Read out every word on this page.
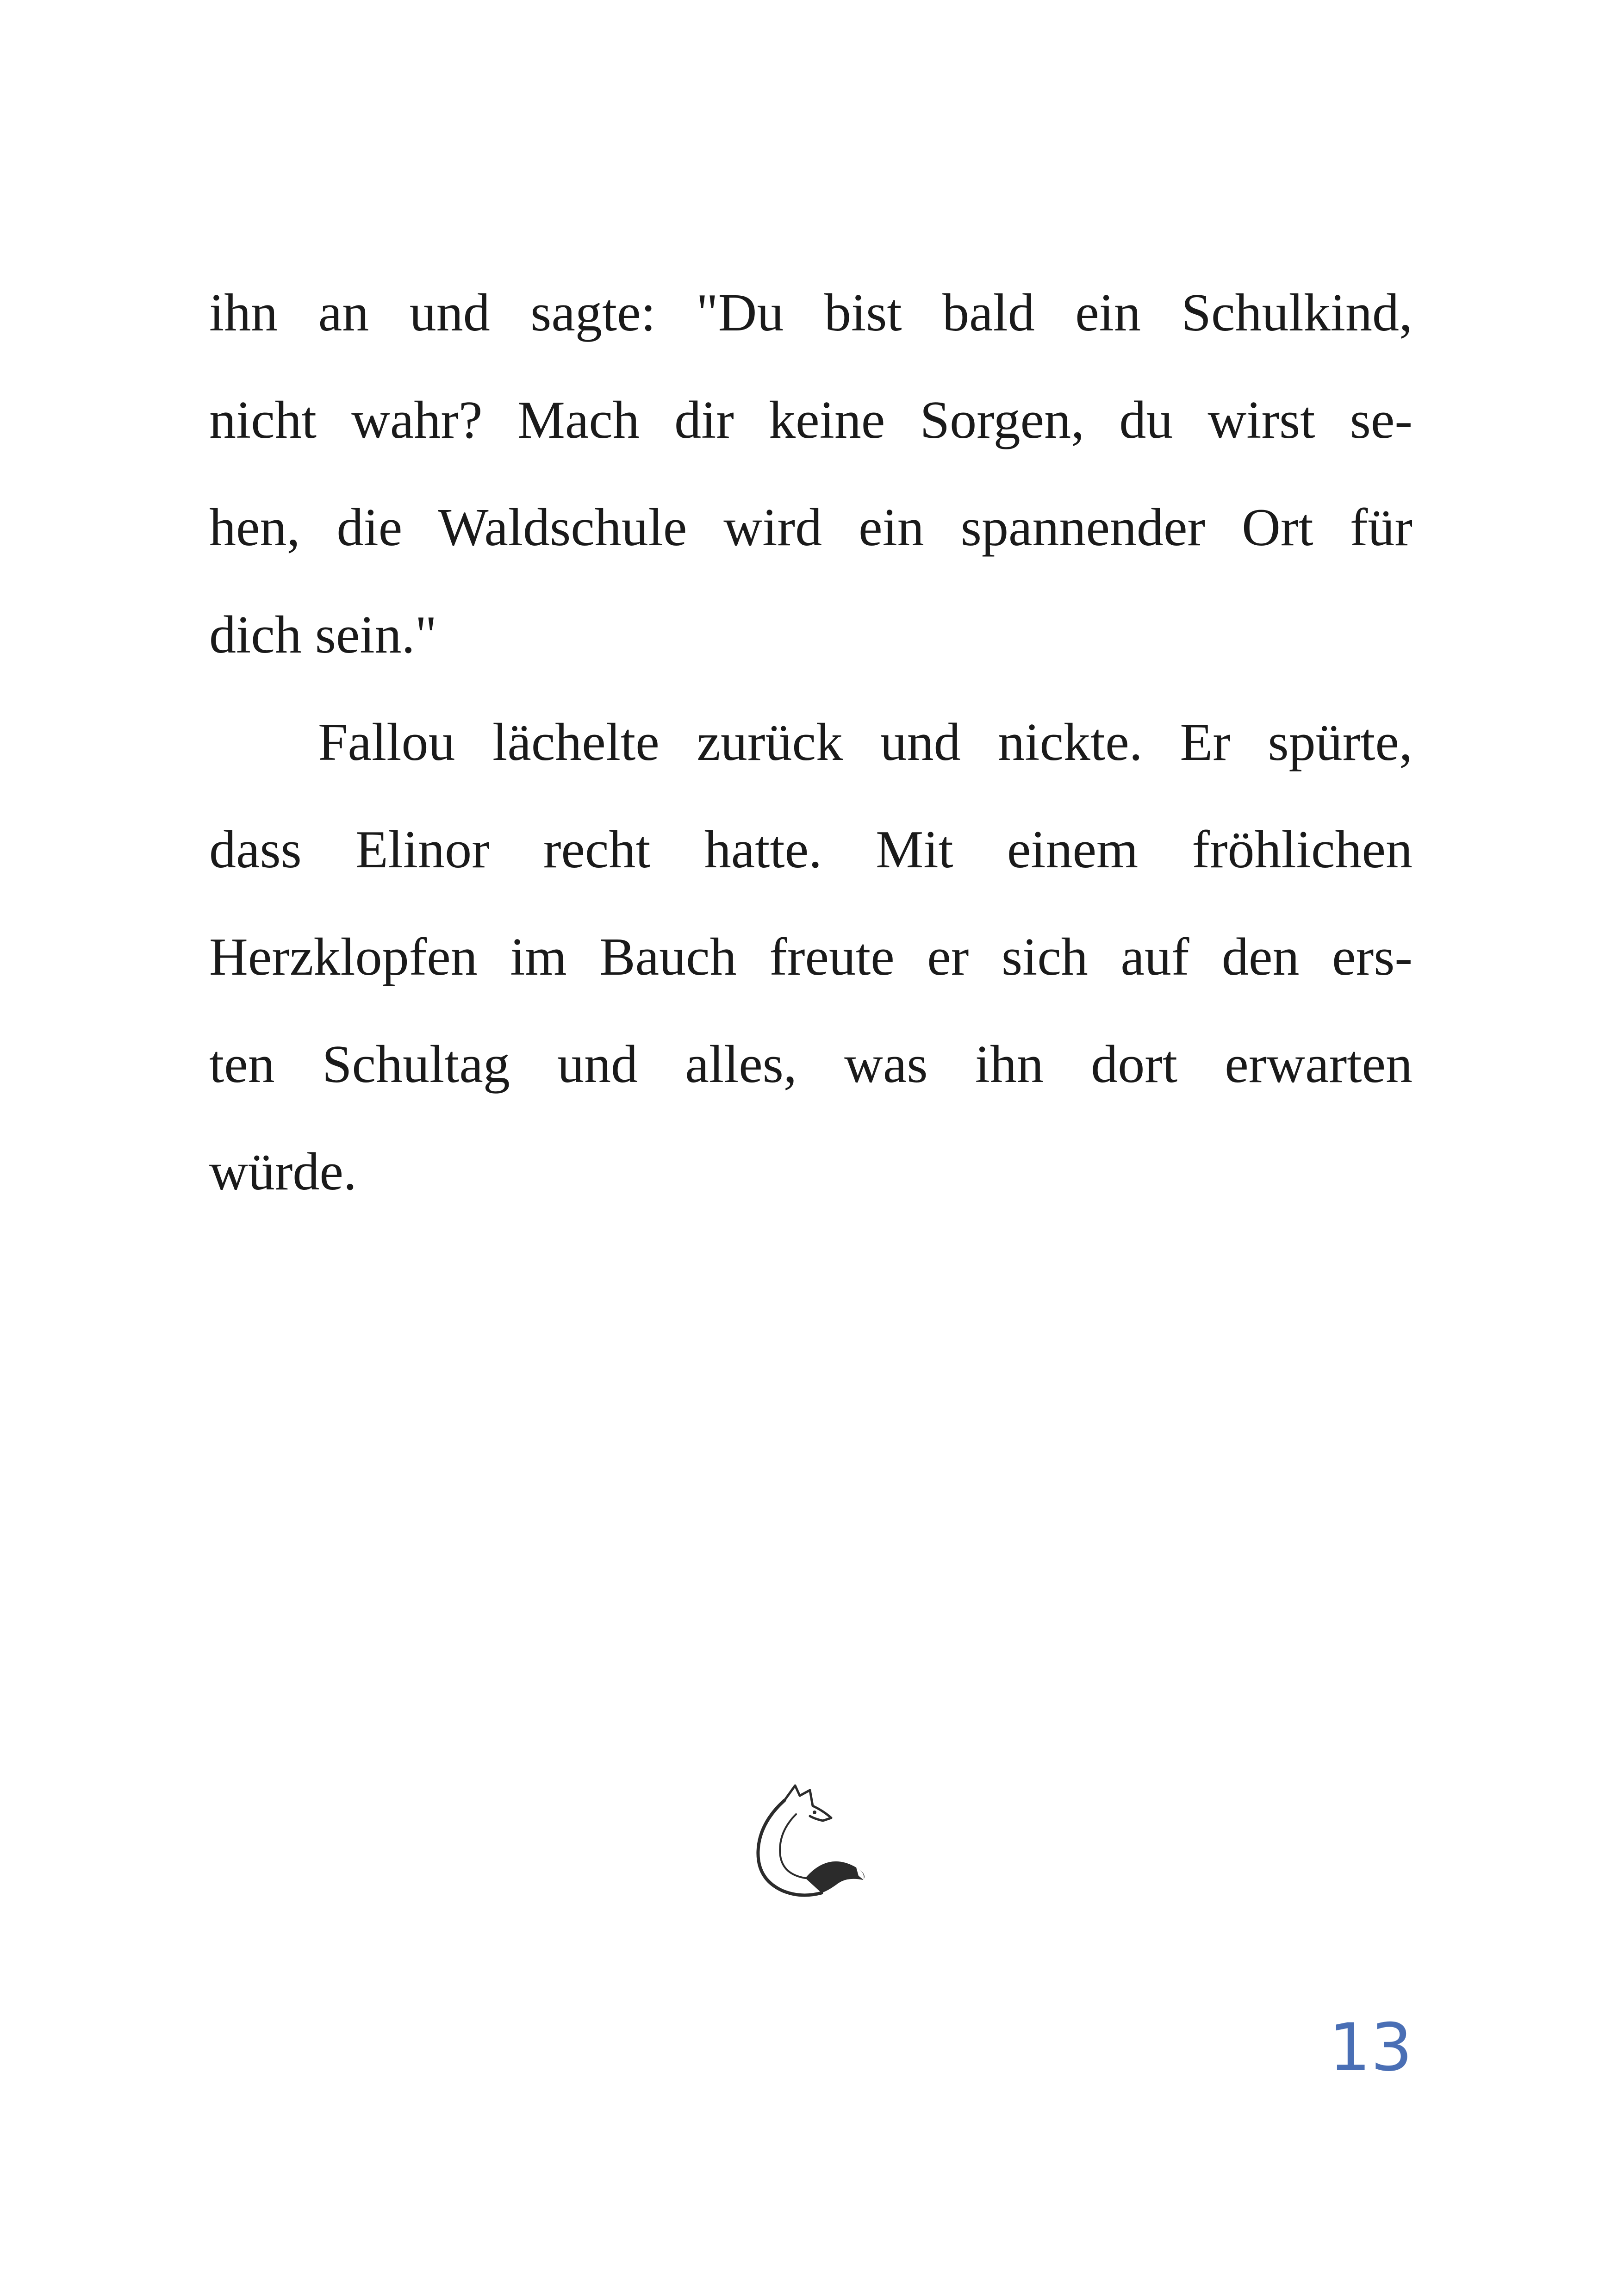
ihn an und sagte: "Du bist bald ein Schulkind,
nicht wahr? Mach dir keine Sorgen, du wirst se-
hen, die Waldschule wird ein spannender Ort für
dich sein."
Fallou lächelte zurück und nickte. Er spürte,
dass Elinor recht hatte. Mit einem fröhlichen
Herzklopfen im Bauch freute er sich auf den ers-
ten Schultag und alles, was ihn dort erwarten
würde.
13
